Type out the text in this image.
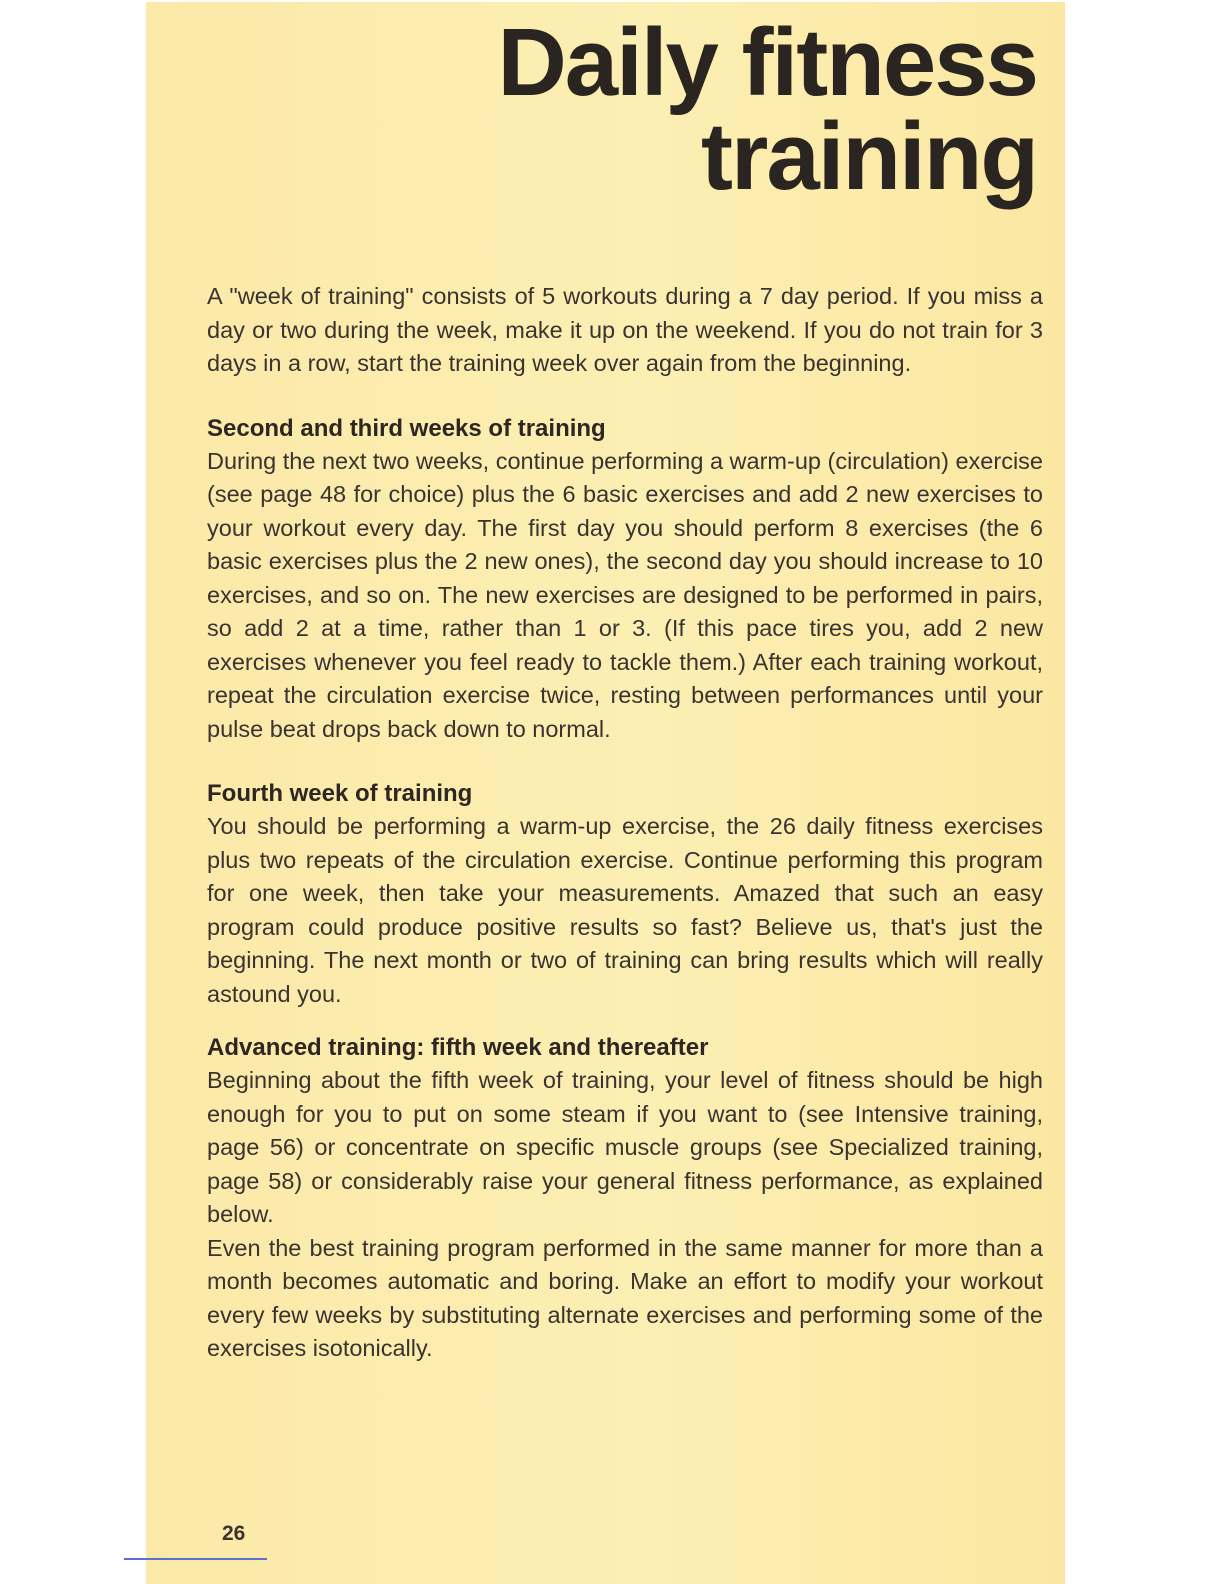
Daily fitness
training

A "week of training" consists of 5 workouts during a 7 day period. If you miss a day or two during the week, make it up on the weekend. If you do not train for 3 days in a row, start the training week over again from the beginning.

Second and third weeks of training

During the next two weeks, continue performing a warm-up (circulation) exercise (see page 48 for choice) plus the 6 basic exercises and add 2 new exercises to your workout every day. The first day you should perform 8 exercises (the 6 basic exercises plus the 2 new ones), the second day you should increase to 10 exercises, and so on. The new exercises are designed to be performed in pairs, so add 2 at a time, rather than 1 or 3. (If this pace tires you, add 2 new exercises whenever you feel ready to tackle them.) After each training workout, repeat the circulation exercise twice, resting between performances until your pulse beat drops back down to normal.

Fourth week of training

You should be performing a warm-up exercise, the 26 daily fitness exercises plus two repeats of the circulation exercise. Continue performing this program for one week, then take your measurements. Amazed that such an easy program could produce positive results so fast? Believe us, that's just the beginning. The next month or two of training can bring results which will really astound you.

Advanced training: fifth week and thereafter

Beginning about the fifth week of training, your level of fitness should be high enough for you to put on some steam if you want to (see Intensive training, page 56) or concentrate on specific muscle groups (see Specialized training, page 58) or considerably raise your general fitness performance, as explained below.

Even the best training program performed in the same manner for more than a month becomes automatic and boring. Make an effort to modify your workout every few weeks by substituting alternate exercises and performing some of the exercises isotonically.

26
